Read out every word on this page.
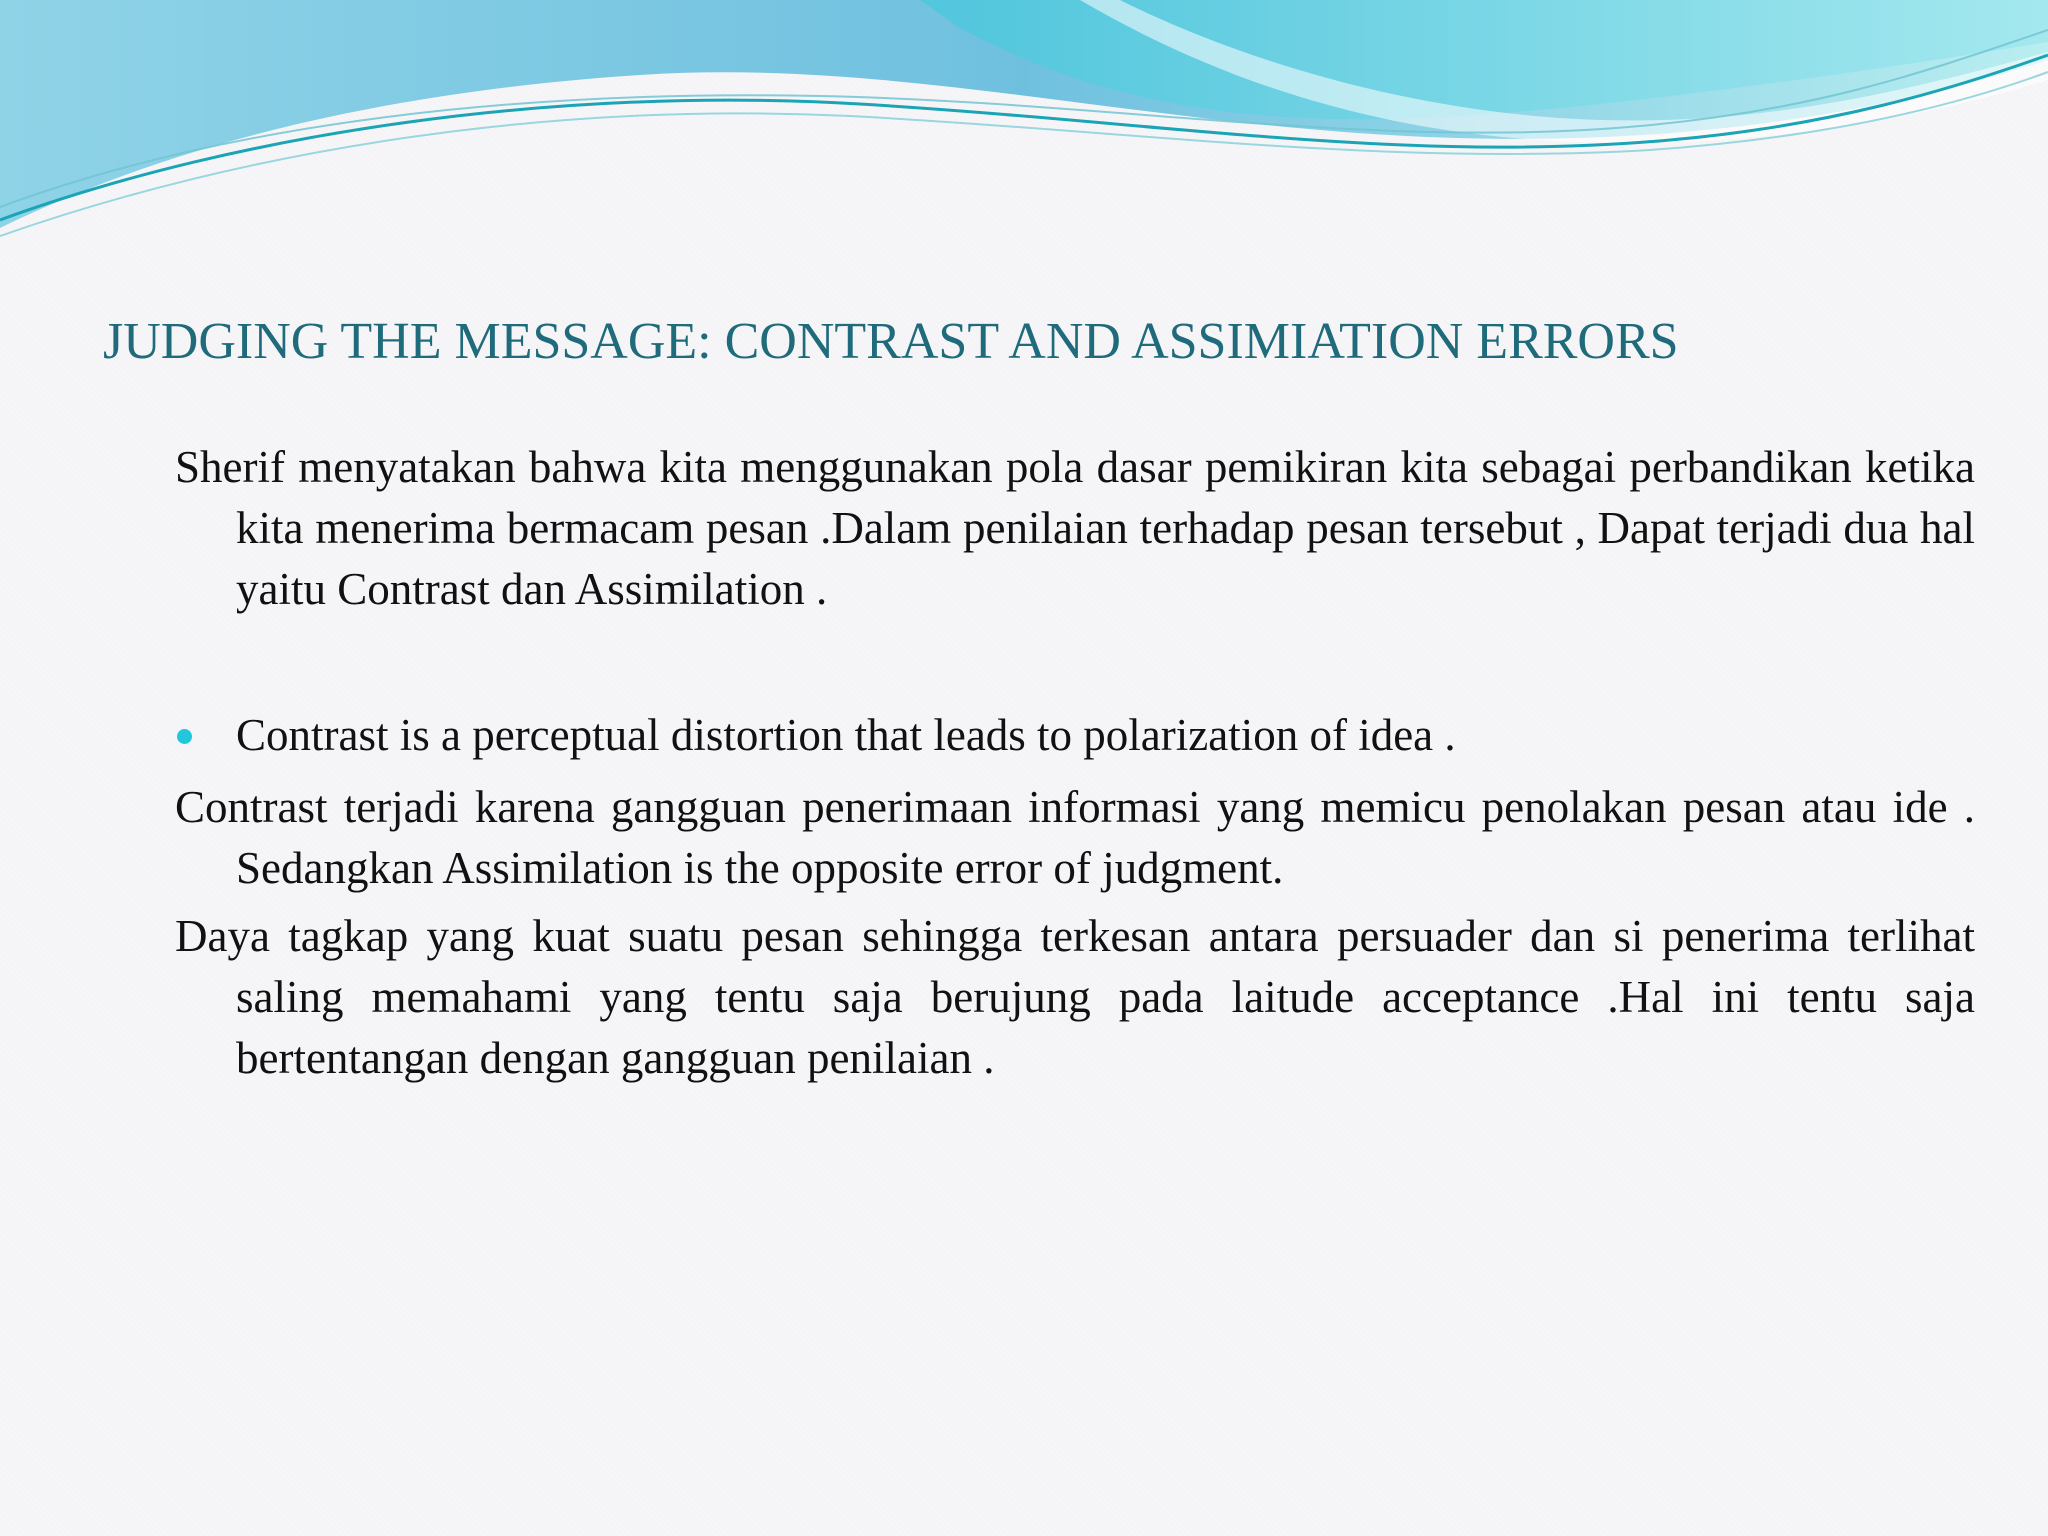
JUDGING THE MESSAGE: CONTRAST AND ASSIMIATION ERRORS

Sherif menyatakan bahwa kita menggunakan pola dasar pemikiran kita sebagai perbandikan ketika kita menerima bermacam pesan .Dalam penilaian terhadap pesan tersebut , Dapat terjadi dua hal yaitu Contrast dan Assimilation .

Contrast is a perceptual distortion that leads to polarization of idea .

Contrast terjadi karena gangguan penerimaan informasi yang memicu penolakan pesan atau ide . Sedangkan Assimilation is the opposite error of judgment.

Daya tagkap yang kuat suatu pesan sehingga terkesan antara persuader dan si penerima terlihat saling memahami yang tentu saja berujung pada laitude acceptance .Hal ini tentu saja bertentangan dengan gangguan penilaian .
